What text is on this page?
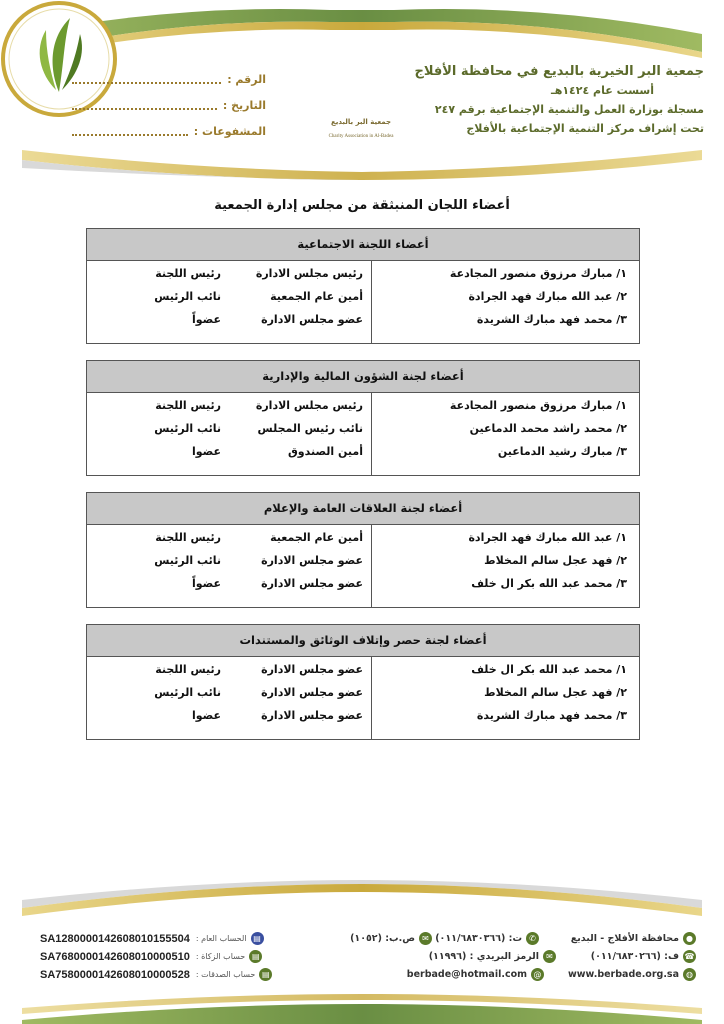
جمعية البر بالبديع
Charity Association in Al-Badea
جمعية البر الخيرية بالبديع في محافظة الأفلاج
أسست عام ١٤٢٤هـ
مسجلة بوزارة العمل والتنمية الإجتماعية برقم ٢٤٧
تحت إشراف مركز التنمية الإجتماعية بالأفلاج
الرقم :
التاريخ :
المشفوعات :
أعضاء اللجان المنبثقة من مجلس إدارة الجمعية
أعضاء اللجنة الاجتماعية
١/ مبارك مرزوق منصور المجادعة
٢/ عبد الله مبارك فهد الجرادة
٣/ محمد فهد مبارك الشريدة
رئيس مجلس الادارة
أمين عام الجمعية
عضو مجلس الادارة
رئيس اللجنة
نائب الرئيس
عضواً
أعضاء لجنة الشؤون المالية والإدارية
١/ مبارك مرزوق منصور المجادعة
٢/ محمد راشد محمد الدماعين
٣/ مبارك رشيد الدماعين
رئيس مجلس الادارة
نائب رئيس المجلس
أمين الصندوق
رئيس اللجنة
نائب الرئيس
عضوا
أعضاء لجنة العلاقات العامة والإعلام
١/ عبد الله مبارك فهد الجرادة
٢/ فهد عجل سالم المخلاط
٣/ محمد عبد الله بكر ال خلف
أمين عام الجمعية
عضو مجلس الادارة
عضو مجلس الادارة
رئيس اللجنة
نائب الرئيس
عضواً
أعضاء لجنة حصر وإتلاف الوثائق والمستندات
١/ محمد عبد الله بكر ال خلف
٢/ فهد عجل سالم المخلاط
٣/ محمد فهد مبارك الشريدة
عضو مجلس الادارة
عضو مجلس الادارة
عضو مجلس الادارة
رئيس اللجنة
نائب الرئيس
عضوا
●
محافظة الأفلاج - البديع
✆
ت: (٠١١/٦٨٣٠٣٦٦)
✉
ص.ب: (١٠٥٢)
☎
ف: (٠١١/٦٨٣٠٢٦٦)
✉
الرمز البريدي : (١١٩٩٦)
◍
www.berbade.org.sa
@
berbade@hotmail.com
▤
الحساب العام :
SA1280000142608010155504
▤
حساب الزكاة :
SA7680000142608010000510
▤
حساب الصدقات :
SA7580000142608010000528
